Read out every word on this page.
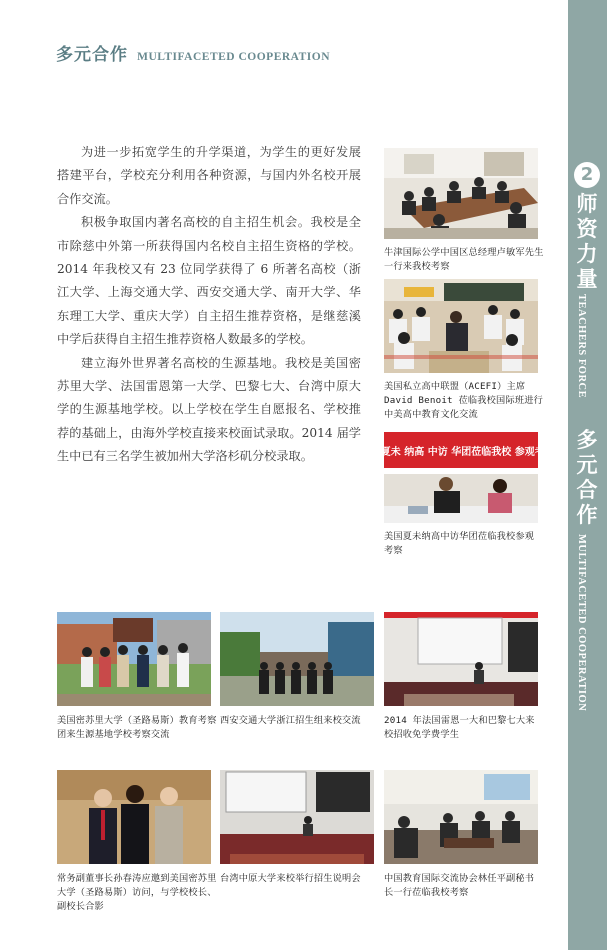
多元合作 MULTIFACETED COOPERATION

为进一步拓宽学生的升学渠道，为学生的更好发展搭建平台，学校充分利用各种资源，与国内外名校开展合作交流。

积极争取国内著名高校的自主招生机会。我校是全市除慈中外第一所获得国内名校自主招生资格的学校。2014 年我校又有 23 位同学获得了 6 所著名高校（浙江大学、上海交通大学、西安交通大学、南开大学、华东理工大学、重庆大学）自主招生推荐资格，是继慈溪中学后获得自主招生推荐资格人数最多的学校。

建立海外世界著名高校的生源基地。我校是美国密苏里大学、法国雷恩第一大学、巴黎七大、台湾中原大学的生源基地学校。以上学校在学生自愿报名、学校推荐的基础上，由海外学校直接来校面试录取。2014 届学生中已有三名学生被加州大学洛杉矶分校录取。

牛津国际公学中国区总经理卢敏军先生一行来我校考察
美国私立高中联盟（ACEFI）主席 David Benoit 莅临我校国际班进行中美高中教育文化交流
美国 夏未 纳高 中访 华团莅临我校 参观考察！
美国夏未纳高中访华团莅临我校参观考察
美国密苏里大学（圣路易斯）教育考察团来生源基地学校考察交流
西安交通大学浙江招生组来校交流	2014 年法国雷恩一大和巴黎七大来校招收免学费学生
常务副董事长孙春涛应邀到美国密苏里大学（圣路易斯）访问，与学校校长、副校长合影
台湾中原大学来校举行招生说明会	中国教育国际交流协会林任平副秘书长一行莅临我校考察
2
师资力量
TEACHERS FORCE
多元合作
MULTIFACETED COOPERATION
